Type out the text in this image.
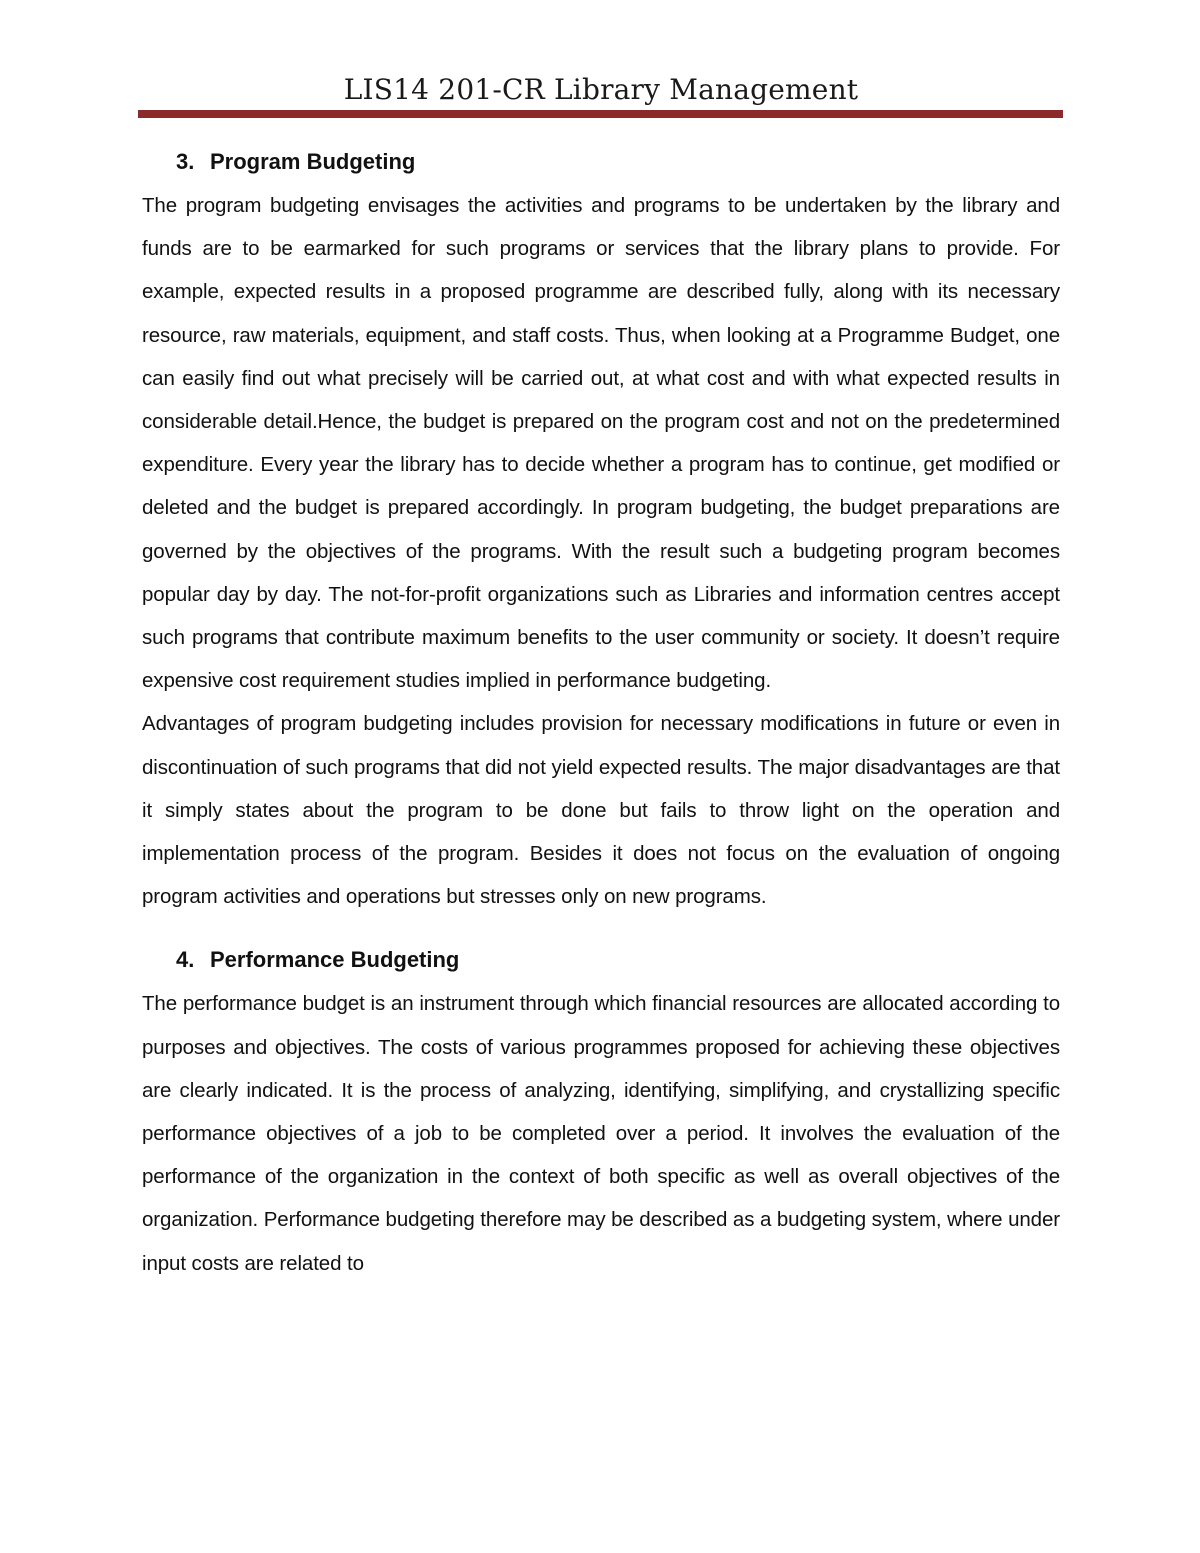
LIS14 201-CR Library Management
3. Program Budgeting

The program budgeting envisages the activities and programs to be undertaken by the library and funds are to be earmarked for such programs or services that the library plans to provide. For example, expected results in a proposed programme are described fully, along with its necessary resource, raw materials, equipment, and staff costs. Thus, when looking at a Programme Budget, one can easily find out what precisely will be carried out, at what cost and with what expected results in considerable detail.Hence, the budget is prepared on the program cost and not on the predetermined expenditure. Every year the library has to decide whether a program has to continue, get modified or deleted and the budget is prepared accordingly. In program budgeting, the budget preparations are governed by the objectives of the programs. With the result such a budgeting program becomes popular day by day. The not-for-profit organizations such as Libraries and information centres accept such programs that contribute maximum benefits to the user community or society. It doesn’t require expensive cost requirement studies implied in performance budgeting.

Advantages of program budgeting includes provision for necessary modifications in future or even in discontinuation of such programs that did not yield expected results. The major disadvantages are that it simply states about the program to be done but fails to throw light on the operation and implementation process of the program. Besides it does not focus on the evaluation of ongoing program activities and operations but stresses only on new programs.

4. Performance Budgeting

The performance budget is an instrument through which financial resources are allocated according to purposes and objectives. The costs of various programmes proposed for achieving these objectives are clearly indicated. It is the process of analyzing, identifying, simplifying, and crystallizing specific performance objectives of a job to be completed over a period. It involves the evaluation of the performance of the organization in the context of both specific as well as overall objectives of the organization. Performance budgeting therefore may be described as a budgeting system, where under input costs are related to
